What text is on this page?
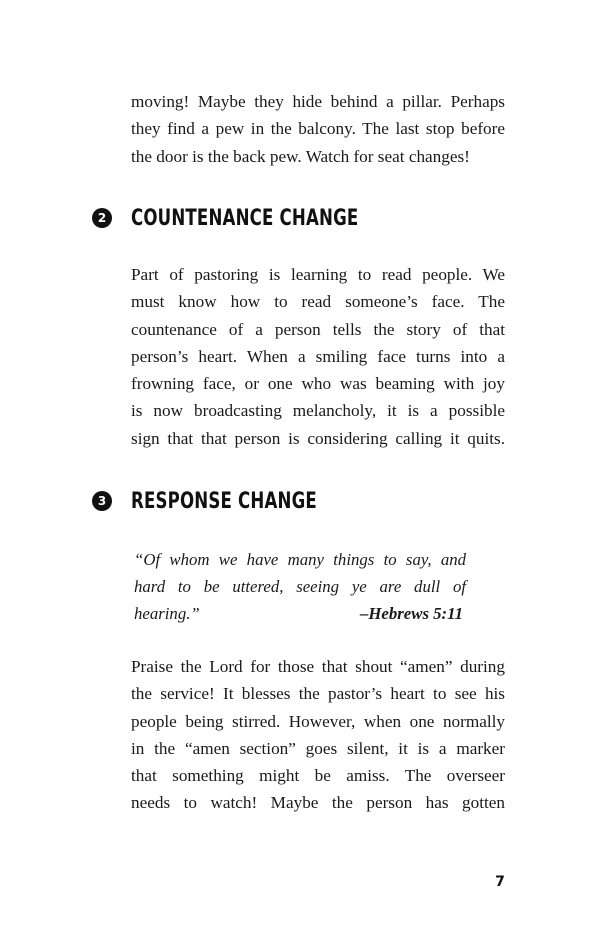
moving! Maybe they hide behind a pillar. Perhaps
they find a pew in the balcony. The last stop before
the door is the back pew. Watch for seat changes!
2 COUNTENANCE CHANGE
Part of pastoring is learning to read people. We
must know how to read someone’s face. The
countenance of a person tells the story of that
person’s heart. When a smiling face turns into a
frowning face, or one who was beaming with joy
is now broadcasting melancholy, it is a possible
sign that that person is considering calling it quits.
3 RESPONSE CHANGE
“Of whom we have many things to say, and
hard to be uttered, seeing ye are dull of hearing.”	–Hebrews 5:11
Praise the Lord for those that shout “amen” during
the service! It blesses the pastor’s heart to see his
people being stirred. However, when one normally
in the “amen section” goes silent, it is a marker
that something might be amiss. The overseer
needs to watch! Maybe the person has gotten
7
